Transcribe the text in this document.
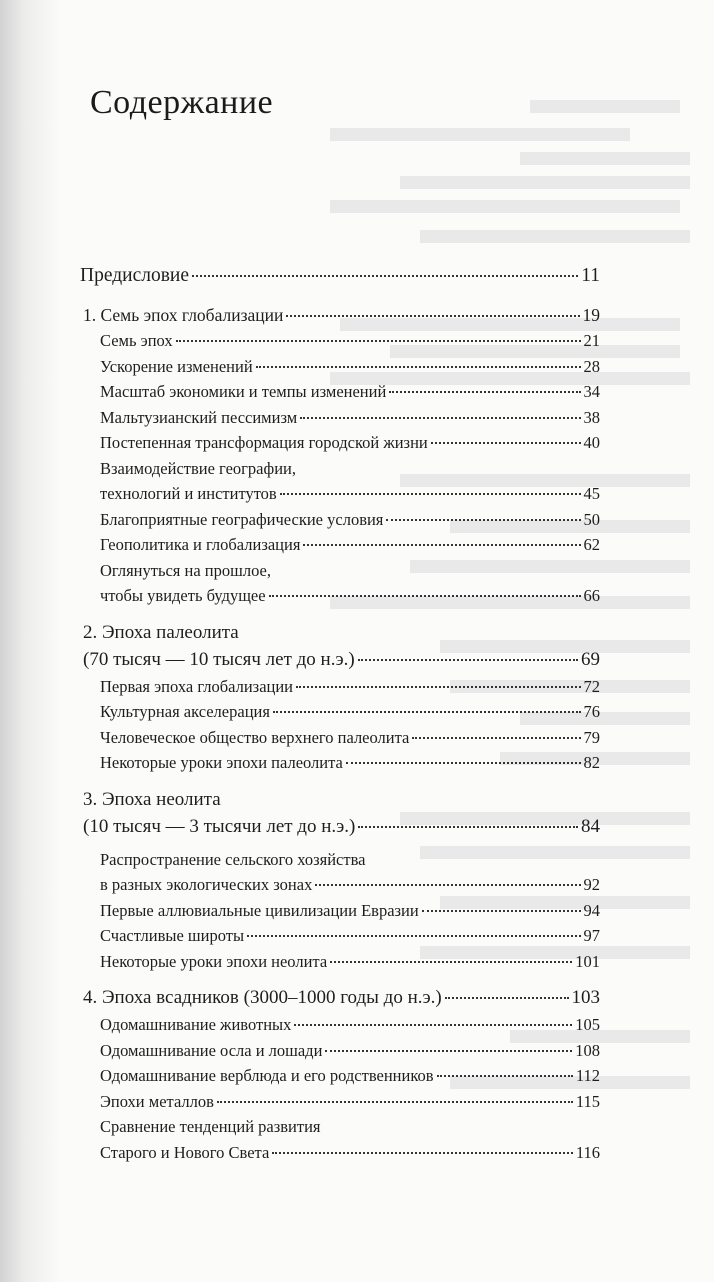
Содержание
Предисловие	11
1. Семь эпох глобализации	19
Семь эпох	21
Ускорение изменений	28
Масштаб экономики и темпы изменений	34
Мальтузианский пессимизм	38
Постепенная трансформация городской жизни	40
Взаимодействие географии,
технологий и институтов	45
Благоприятные географические условия	50
Геополитика и глобализация	62
Оглянуться на прошлое,
чтобы увидеть будущее	66
2. Эпоха палеолита
(70 тысяч — 10 тысяч лет до н.э.)	69
Первая эпоха глобализации	72
Культурная акселерация	76
Человеческое общество верхнего палеолита	79
Некоторые уроки эпохи палеолита	82
3. Эпоха неолита
(10 тысяч — 3 тысячи лет до н.э.)	84
Распространение сельского хозяйства
в разных экологических зонах	92
Первые аллювиальные цивилизации Евразии	94
Счастливые широты	97
Некоторые уроки эпохи неолита	101
4. Эпоха всадников (3000–1000 годы до н.э.)	103
Одомашнивание животных	105
Одомашнивание осла и лошади	108
Одомашнивание верблюда и его родственников	112
Эпохи металлов	115
Сравнение тенденций развития
Старого и Нового Света	116
